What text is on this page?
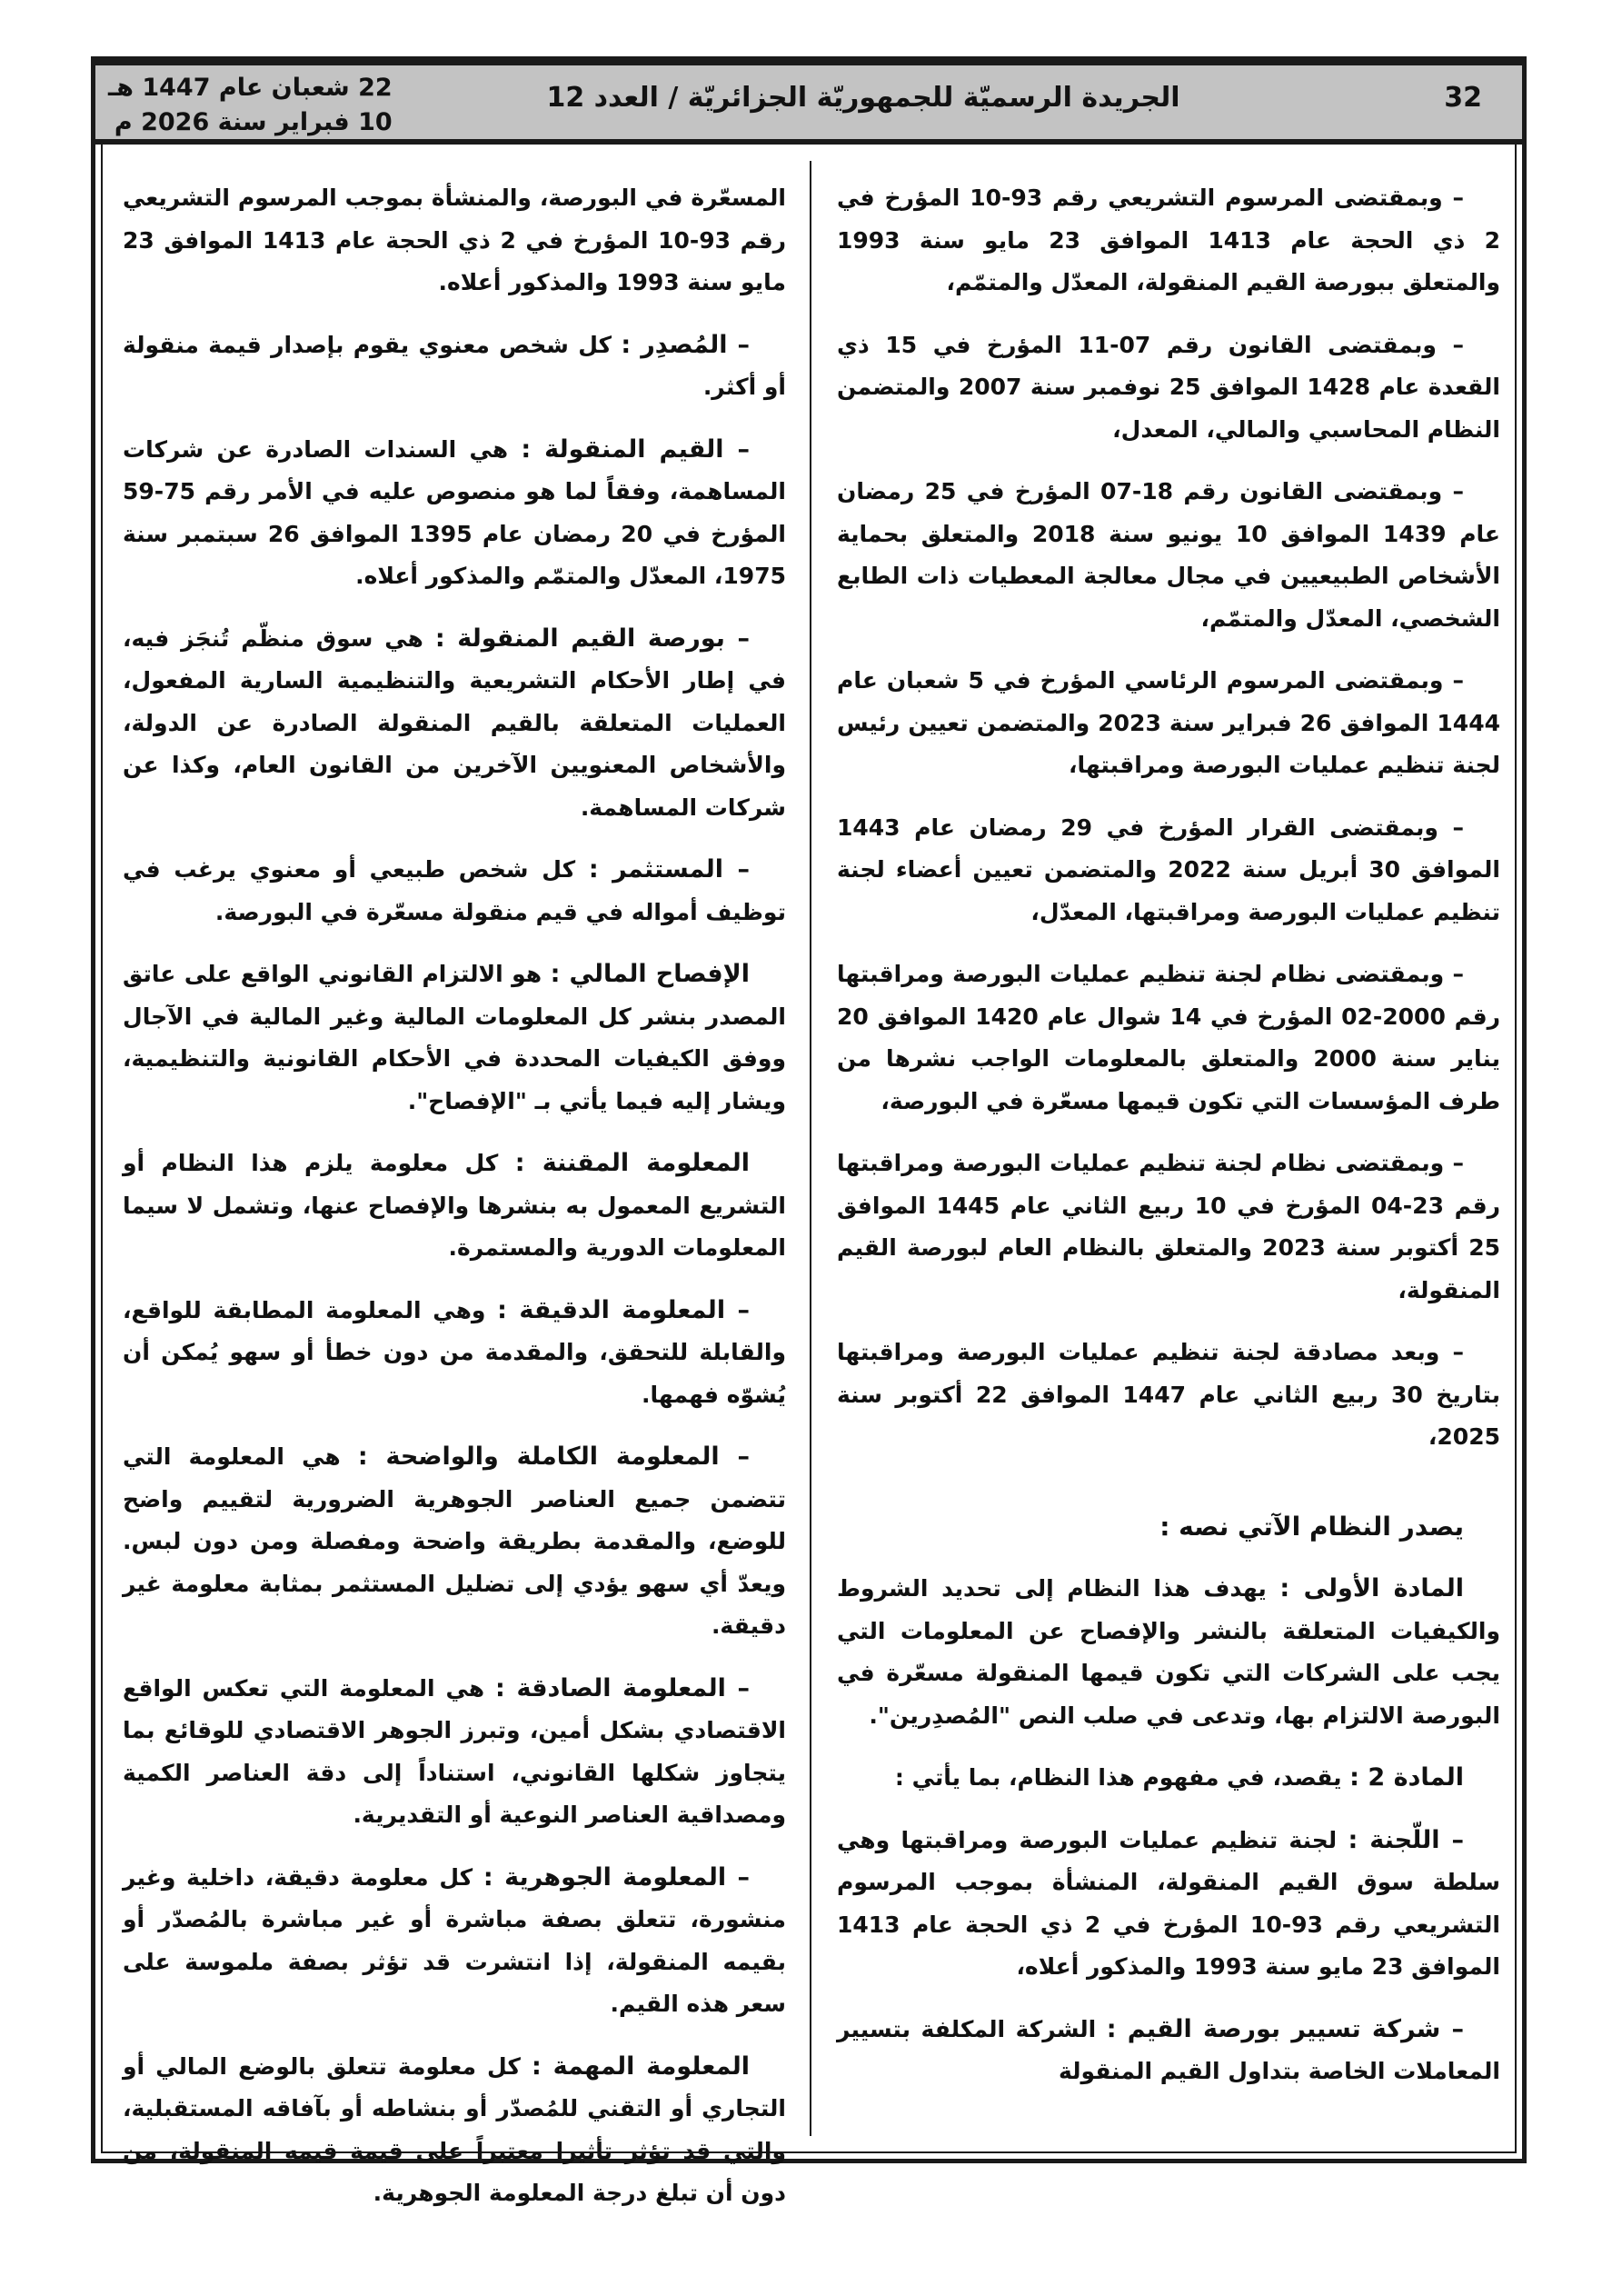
22 شعبان عام 1447 هـ
10 فبراير سنة 2026 م
الجريدة الرسميّة للجمهوريّة الجزائريّة / العدد 12	32
– وبمقتضى المرسوم التشريعي رقم 93-10 المؤرخ في 2 ذي الحجة عام 1413 الموافق 23 مايو سنة 1993 والمتعلق ببورصة القيم المنقولة، المعدّل والمتمّم،
– وبمقتضى القانون رقم 07-11 المؤرخ في 15 ذي القعدة عام 1428 الموافق 25 نوفمبر سنة 2007 والمتضمن النظام المحاسبي والمالي، المعدل،
– وبمقتضى القانون رقم 18-07 المؤرخ في 25 رمضان عام 1439 الموافق 10 يونيو سنة 2018 والمتعلق بحماية الأشخاص الطبيعيين في مجال معالجة المعطيات ذات الطابع الشخصي، المعدّل والمتمّم،
– وبمقتضى المرسوم الرئاسي المؤرخ في 5 شعبان عام 1444 الموافق 26 فبراير سنة 2023 والمتضمن تعيين رئيس لجنة تنظيم عمليات البورصة ومراقبتها،
– وبمقتضى القرار المؤرخ في 29 رمضان عام 1443 الموافق 30 أبريل سنة 2022 والمتضمن تعيين أعضاء لجنة تنظيم عمليات البورصة ومراقبتها، المعدّل،
– وبمقتضى نظام لجنة تنظيم عمليات البورصة ومراقبتها رقم 2000-02 المؤرخ في 14 شوال عام 1420 الموافق 20 يناير سنة 2000 والمتعلق بالمعلومات الواجب نشرها من طرف المؤسسات التي تكون قيمها مسعّرة في البورصة،
– وبمقتضى نظام لجنة تنظيم عمليات البورصة ومراقبتها رقم 23-04 المؤرخ في 10 ربيع الثاني عام 1445 الموافق 25 أكتوبر سنة 2023 والمتعلق بالنظام العام لبورصة القيم المنقولة،
– وبعد مصادقة لجنة تنظيم عمليات البورصة ومراقبتها بتاريخ 30 ربيع الثاني عام 1447 الموافق 22 أكتوبر سنة 2025،
يصدر النظام الآتي نصه :
المادة الأولى : يهدف هذا النظام إلى تحديد الشروط والكيفيات المتعلقة بالنشر والإفصاح عن المعلومات التي يجب على الشركات التي تكون قيمها المنقولة مسعّرة في البورصة الالتزام بها، وتدعى في صلب النص "المُصدِرين".
المادة 2 : يقصد، في مفهوم هذا النظام، بما يأتي :
– اللّجنة : لجنة تنظيم عمليات البورصة ومراقبتها وهي سلطة سوق القيم المنقولة، المنشأة بموجب المرسوم التشريعي رقم 93-10 المؤرخ في 2 ذي الحجة عام 1413 الموافق 23 مايو سنة 1993 والمذكور أعلاه،
– شركة تسيير بورصة القيم : الشركة المكلفة بتسيير المعاملات الخاصة بتداول القيم المنقولة
المسعّرة في البورصة، والمنشأة بموجب المرسوم التشريعي رقم 93-10 المؤرخ في 2 ذي الحجة عام 1413 الموافق 23 مايو سنة 1993 والمذكور أعلاه.
– المُصدِر : كل شخص معنوي يقوم بإصدار قيمة منقولة أو أكثر.
– القيم المنقولة : هي السندات الصادرة عن شركات المساهمة، وفقاً لما هو منصوص عليه في الأمر رقم 75-59 المؤرخ في 20 رمضان عام 1395 الموافق 26 سبتمبر سنة 1975، المعدّل والمتمّم والمذكور أعلاه.
– بورصة القيم المنقولة : هي سوق منظّم تُنجَز فيه، في إطار الأحكام التشريعية والتنظيمية السارية المفعول، العمليات المتعلقة بالقيم المنقولة الصادرة عن الدولة، والأشخاص المعنويين الآخرين من القانون العام، وكذا عن شركات المساهمة.
– المستثمر : كل شخص طبيعي أو معنوي يرغب في توظيف أمواله في قيم منقولة مسعّرة في البورصة.
الإفصاح المالي : هو الالتزام القانوني الواقع على عاتق المصدر بنشر كل المعلومات المالية وغير المالية في الآجال ووفق الكيفيات المحددة في الأحكام القانونية والتنظيمية، ويشار إليه فيما يأتي بـ "الإفصاح".
المعلومة المقننة : كل معلومة يلزم هذا النظام أو التشريع المعمول به بنشرها والإفصاح عنها، وتشمل لا سيما المعلومات الدورية والمستمرة.
– المعلومة الدقيقة : وهي المعلومة المطابقة للواقع، والقابلة للتحقق، والمقدمة من دون خطأ أو سهو يُمكن أن يُشوّه فهمها.
– المعلومة الكاملة والواضحة : هي المعلومة التي تتضمن جميع العناصر الجوهرية الضرورية لتقييم واضح للوضع، والمقدمة بطريقة واضحة ومفصلة ومن دون لبس. ويعدّ أي سهو يؤدي إلى تضليل المستثمر بمثابة معلومة غير دقيقة.
– المعلومة الصادقة : هي المعلومة التي تعكس الواقع الاقتصادي بشكل أمين، وتبرز الجوهر الاقتصادي للوقائع بما يتجاوز شكلها القانوني، استناداً إلى دقة العناصر الكمية ومصداقية العناصر النوعية أو التقديرية.
– المعلومة الجوهرية : كل معلومة دقيقة، داخلية وغير منشورة، تتعلق بصفة مباشرة أو غير مباشرة بالمُصدّر أو بقيمه المنقولة، إذا انتشرت قد تؤثر بصفة ملموسة على سعر هذه القيم.
المعلومة المهمة : كل معلومة تتعلق بالوضع المالي أو التجاري أو التقني للمُصدّر أو بنشاطه أو بآفاقه المستقبلية، والتي قد تؤثر تأثيرا معتبراً على قيمة قيمه المنقولة، من دون أن تبلغ درجة المعلومة الجوهرية.
